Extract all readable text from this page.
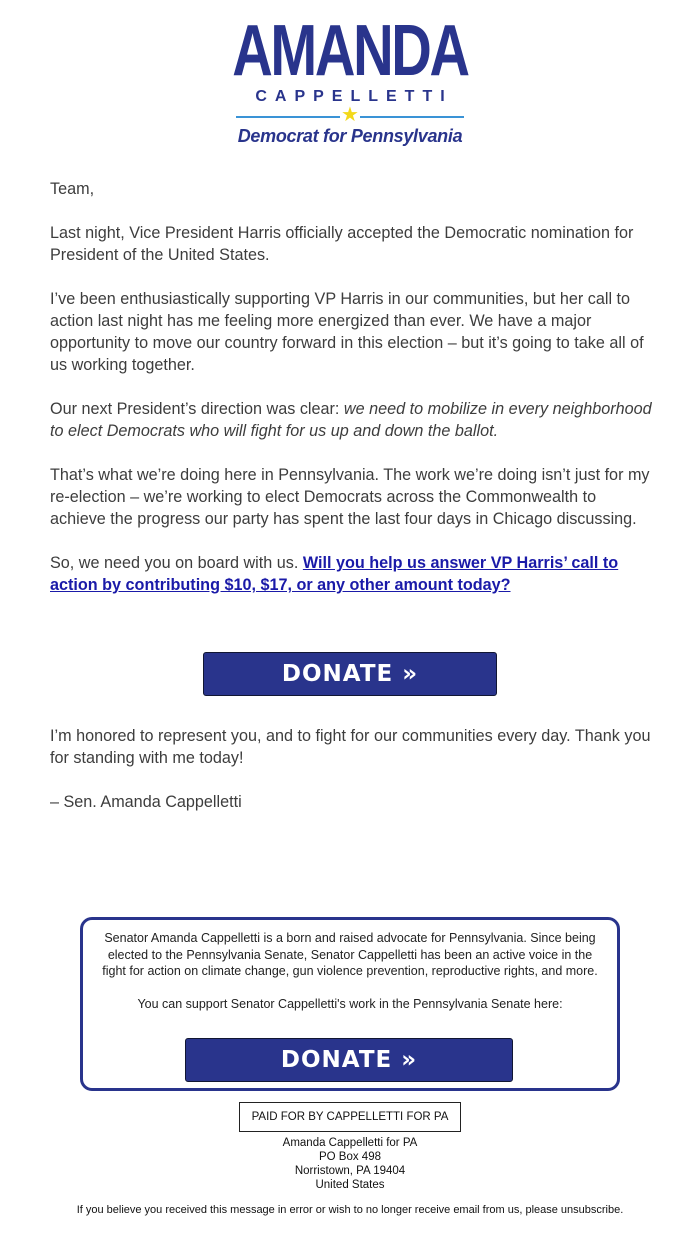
AMANDA
CAPPELLETTI
★
Democrat for Pennsylvania

Team,

Last night, Vice President Harris officially accepted the Democratic nomination for President of the United States.

I’ve been enthusiastically supporting VP Harris in our communities, but her call to action last night has me feeling more energized than ever. We have a major opportunity to move our country forward in this election – but it’s going to take all of us working together.

Our next President’s direction was clear: we need to mobilize in every neighborhood to elect Democrats who will fight for us up and down the ballot.

That’s what we’re doing here in Pennsylvania. The work we’re doing isn’t just for my re-election – we’re working to elect Democrats across the Commonwealth to achieve the progress our party has spent the last four days in Chicago discussing.

So, we need you on board with us. Will you help us answer VP Harris’ call to action by contributing $10, $17, or any other amount today?

DONATE »

I’m honored to represent you, and to fight for our communities every day. Thank you for standing with me today!

– Sen. Amanda Cappelletti

Senator Amanda Cappelletti is a born and raised advocate for Pennsylvania. Since being elected to the Pennsylvania Senate, Senator Cappelletti has been an active voice in the fight for action on climate change, gun violence prevention, reproductive rights, and more.
You can support Senator Cappelletti's work in the Pennsylvania Senate here:
DONATE »
PAID FOR BY CAPPELLETTI FOR PA
Amanda Cappelletti for PA
PO Box 498
Norristown, PA 19404
United States
If you believe you received this message in error or wish to no longer receive email from us, please unsubscribe.
